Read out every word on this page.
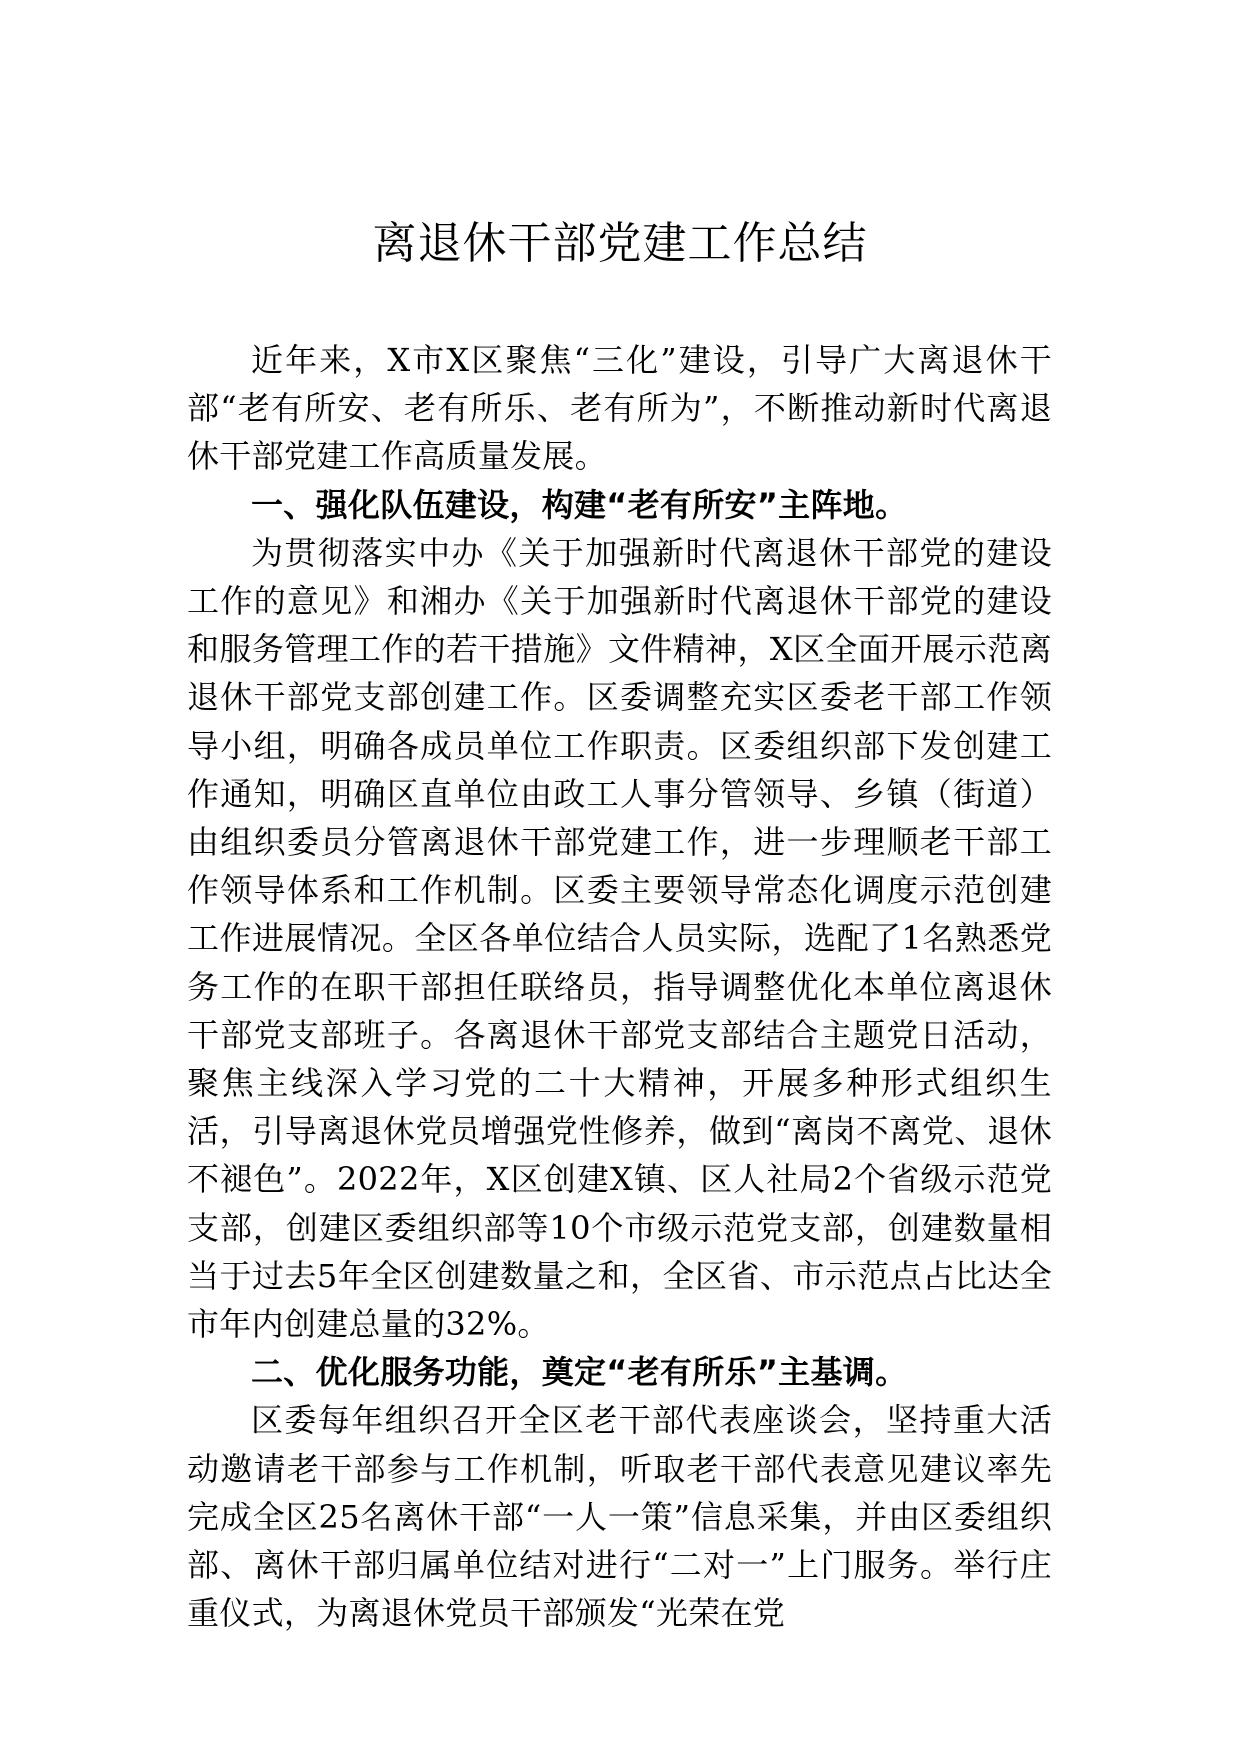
离退休干部党建工作总结

近年来，X市X区聚焦“三化”建设，引导广大离退休干部“老有所安、老有所乐、老有所为”，不断推动新时代离退休干部党建工作高质量发展。

一、强化队伍建设，构建“老有所安”主阵地。

为贯彻落实中办《关于加强新时代离退休干部党的建设工作的意见》和湘办《关于加强新时代离退休干部党的建设和服务管理工作的若干措施》文件精神，X区全面开展示范离退休干部党支部创建工作。区委调整充实区委老干部工作领导小组，明确各成员单位工作职责。区委组织部下发创建工作通知，明确区直单位由政工人事分管领导、乡镇（街道）由组织委员分管离退休干部党建工作，进一步理顺老干部工作领导体系和工作机制。区委主要领导常态化调度示范创建工作进展情况。全区各单位结合人员实际，选配了1名熟悉党务工作的在职干部担任联络员，指导调整优化本单位离退休干部党支部班子。各离退休干部党支部结合主题党日活动，聚焦主线深入学习党的二十大精神，开展多种形式组织生活，引导离退休党员增强党性修养，做到“离岗不离党、退休不褪色”。2022年，X区创建X镇、区人社局2个省级示范党支部，创建区委组织部等10个市级示范党支部，创建数量相当于过去5年全区创建数量之和，全区省、市示范点占比达全市年内创建总量的32%。

二、优化服务功能，奠定“老有所乐”主基调。

区委每年组织召开全区老干部代表座谈会，坚持重大活动邀请老干部参与工作机制，听取老干部代表意见建议率先完成全区25名离休干部“一人一策”信息采集，并由区委组织部、离休干部归属单位结对进行“二对一”上门服务。举行庄重仪式，为离退休党员干部颁发“光荣在党
